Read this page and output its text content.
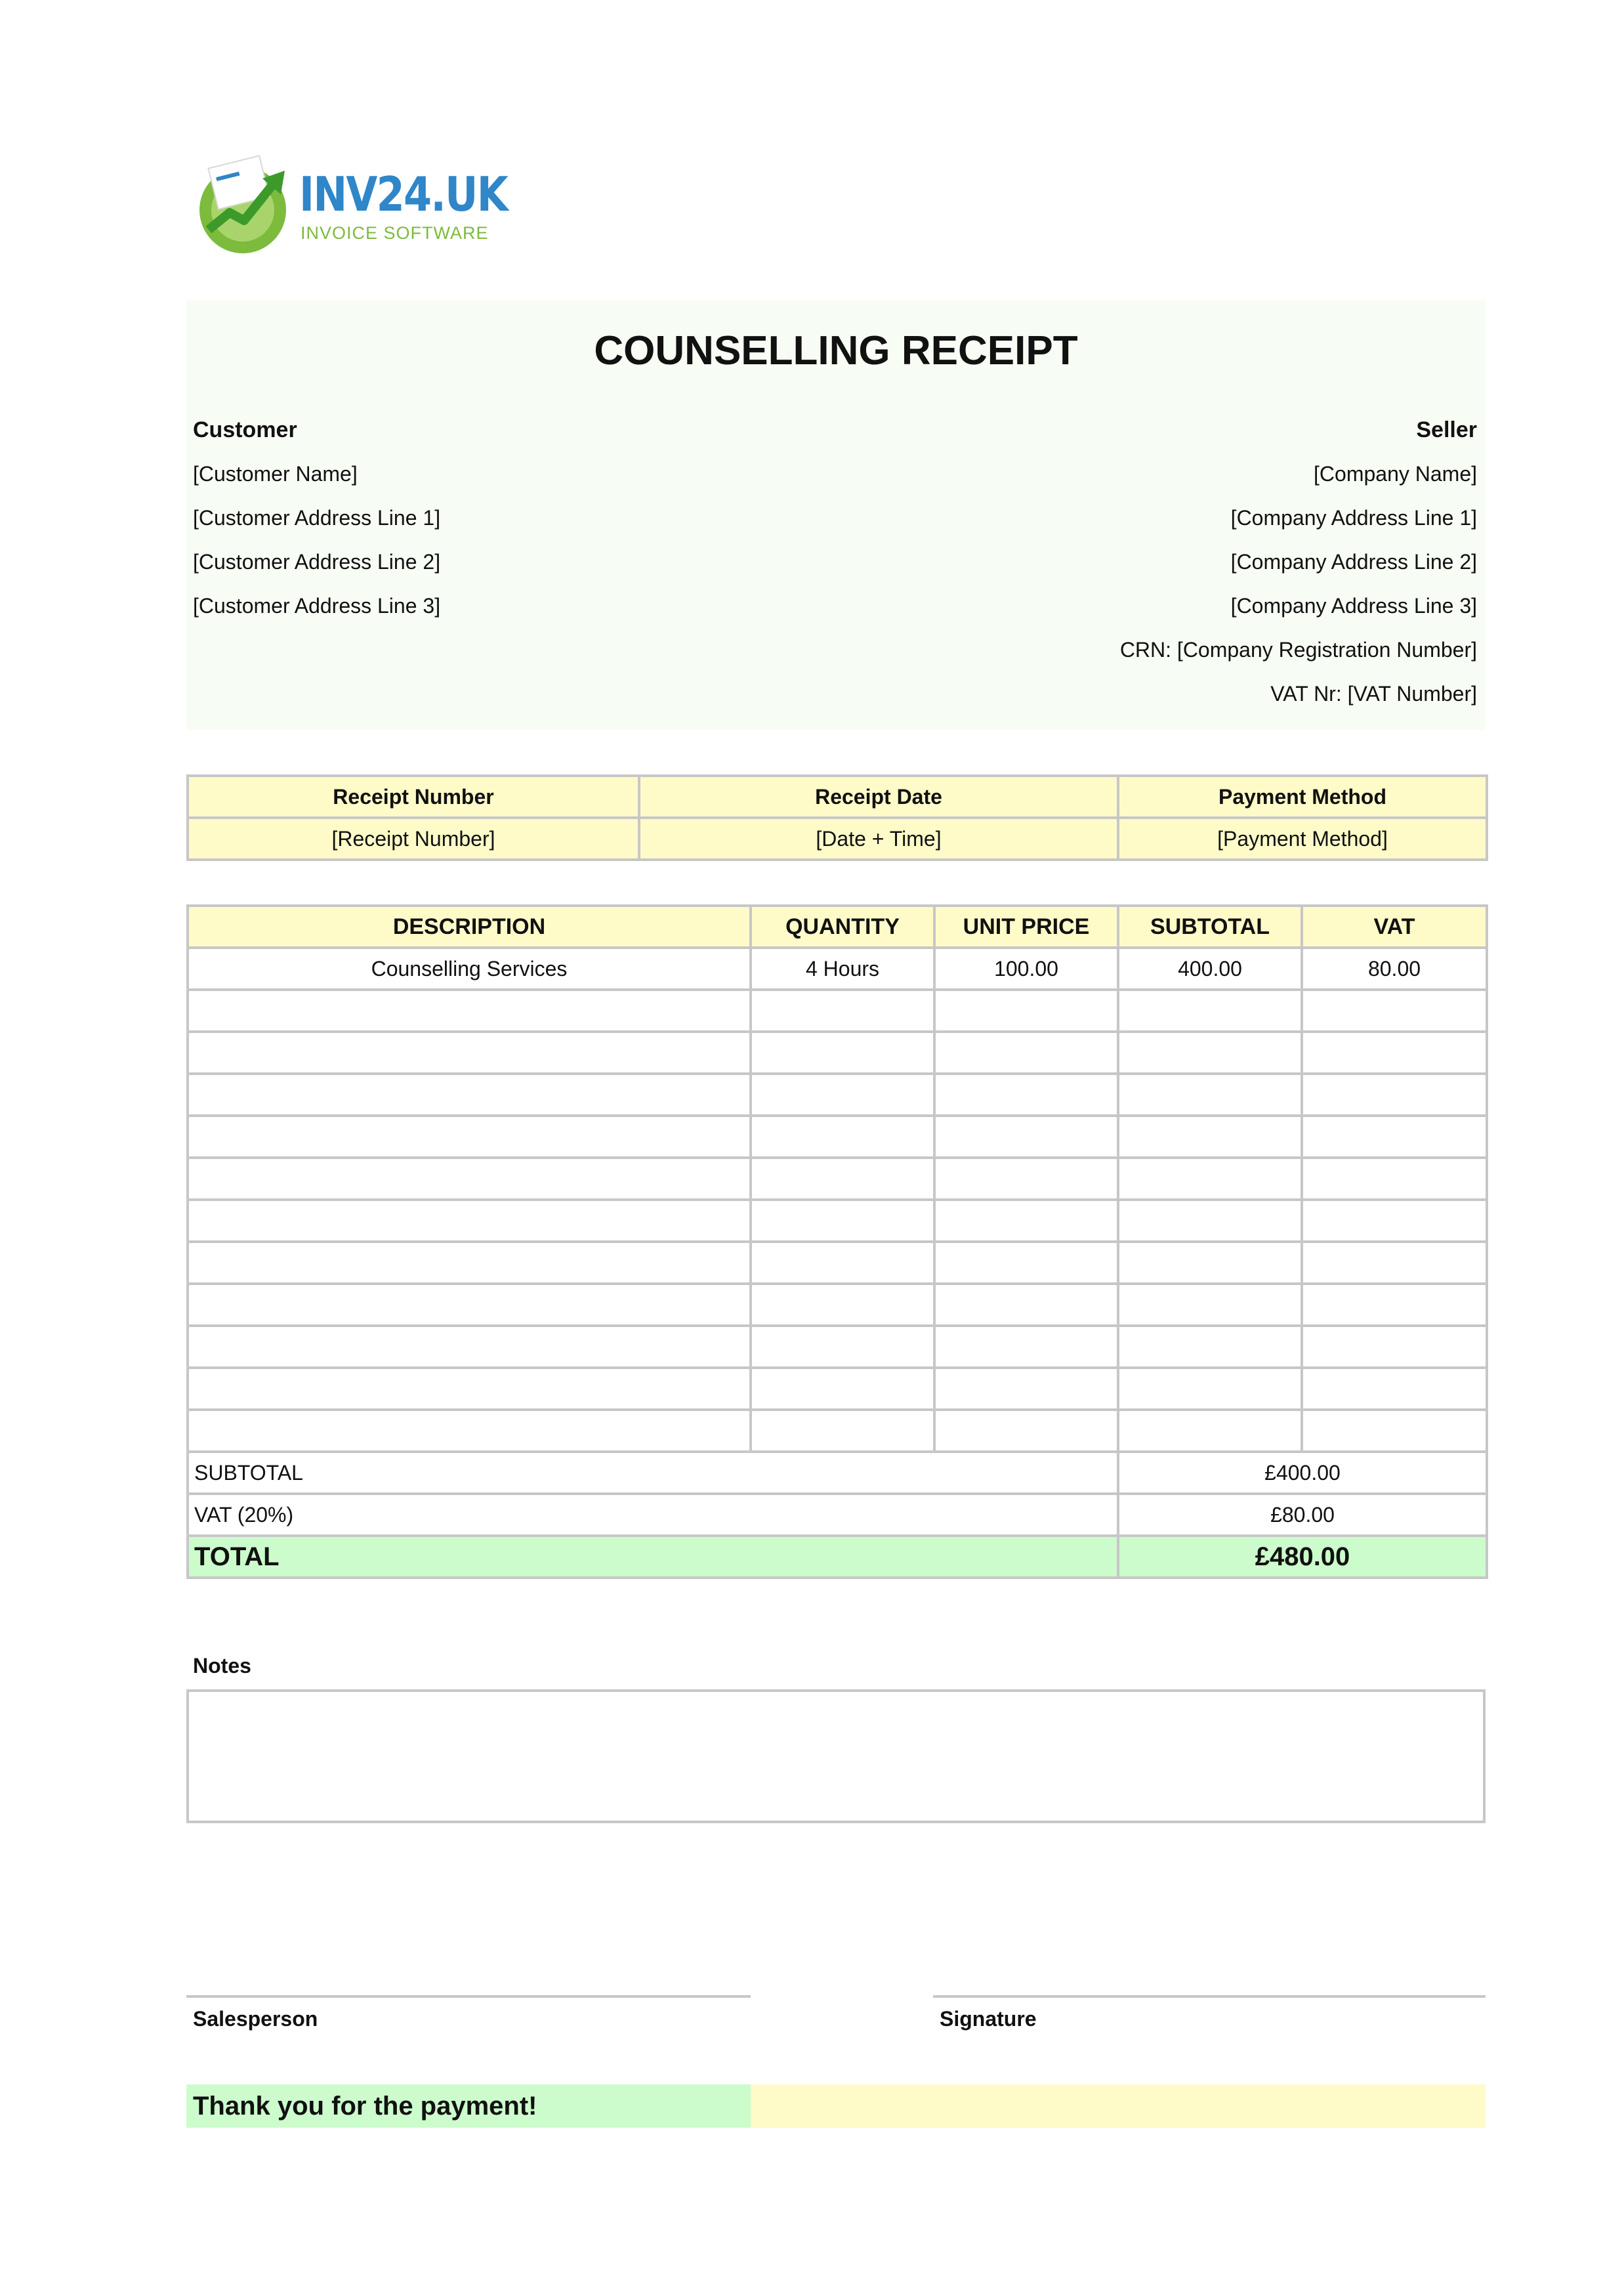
INV24.UK
INVOICE SOFTWARE
COUNSELLING RECEIPT
Customer
[Customer Name]
[Customer Address Line 1]
[Customer Address Line 2]
[Customer Address Line 3]
Seller
[Company Name]
[Company Address Line 1]
[Company Address Line 2]
[Company Address Line 3]
CRN: [Company Registration Number]
VAT Nr: [VAT Number]
Receipt Number	Receipt Date	Payment Method
[Receipt Number]	[Date + Time]	[Payment Method]
DESCRIPTION	QUANTITY	UNIT PRICE	SUBTOTAL	VAT
Counselling Services	4 Hours	100.00	400.00	80.00

SUBTOTAL			£400.00	
VAT (20%)			£80.00	
TOTAL			£480.00	
Notes
Salesperson	Signature
Thank you for the payment!
